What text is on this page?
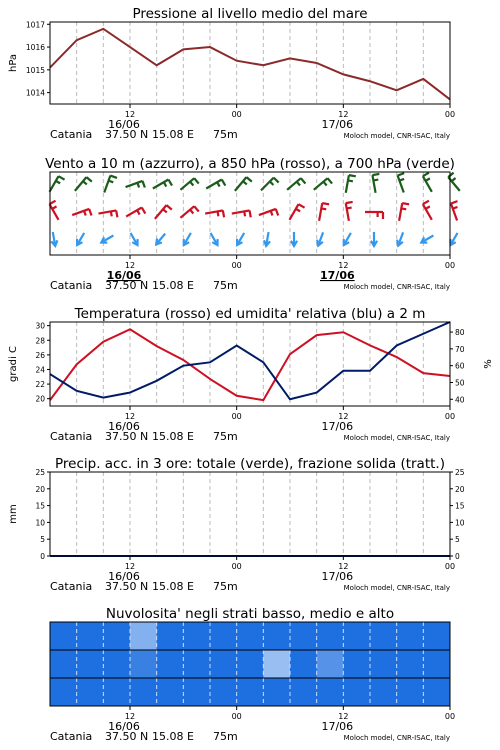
Pressione al livello medio del mare
1014
1015
1016
1017
hPa
12	00	12	00
16/06	17/06
Catania 37.50 N 15.08 E 75m	Moloch model, CNR-ISAC, Italy
Vento a 10 m (azzurro), a 850 hPa (rosso), a 700 hPa (verde)
12	00	12	00
16/06	17/06
Catania 37.50 N 15.08 E 75m	Moloch model, CNR-ISAC, Italy
Temperatura (rosso) ed umidita' relativa (blu) a 2 m
20
22
24
26
28
30
40
50
60
70
80
gradi C	%
12	00	12	00
16/06	17/06
Catania 37.50 N 15.08 E 75m	Moloch model, CNR-ISAC, Italy
Precip. acc. in 3 ore: totale (verde), frazione solida (tratt.)
0
5
10
15
20
25
0
5
10
15
20
25
mm
12	00	12	00
16/06	17/06
Catania 37.50 N 15.08 E 75m	Moloch model, CNR-ISAC, Italy
Nuvolosita' negli strati basso, medio e alto
12	00	12	00
16/06	17/06
Catania 37.50 N 15.08 E 75m	Moloch model, CNR-ISAC, Italy
